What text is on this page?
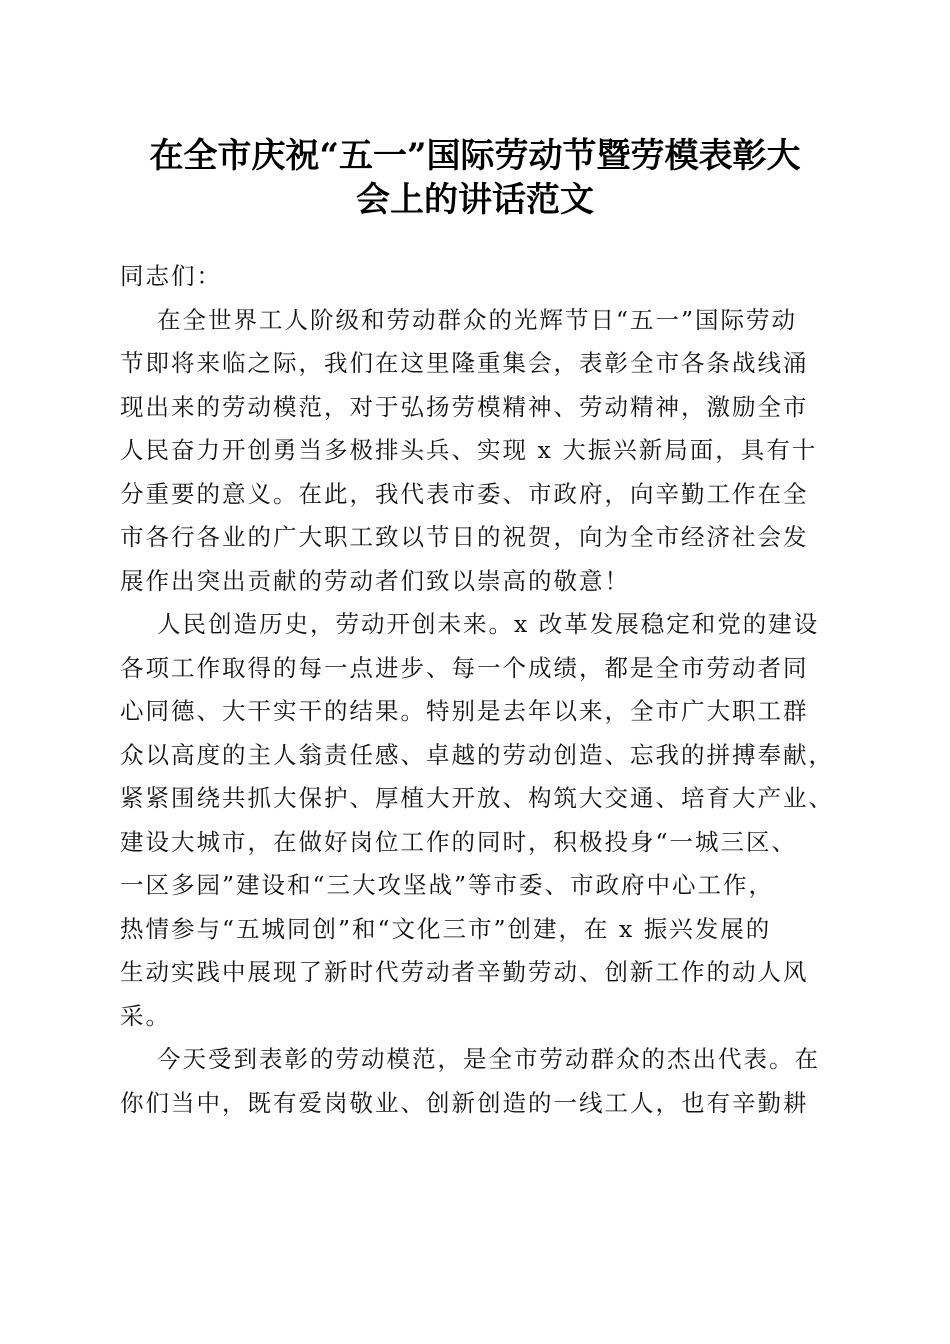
在全市庆祝“五一”国际劳动节暨劳模表彰大
会上的讲话范文
同志们：
在全世界工人阶级和劳动群众的光辉节日“五一”国际劳动
节即将来临之际，我们在这里隆重集会，表彰全市各条战线涌
现出来的劳动模范，对于弘扬劳模精神、劳动精神，激励全市
人民奋力开创勇当多极排头兵、实现 x 大振兴新局面，具有十
分重要的意义。在此，我代表市委、市政府，向辛勤工作在全
市各行各业的广大职工致以节日的祝贺，向为全市经济社会发
展作出突出贡献的劳动者们致以崇高的敬意！
人民创造历史，劳动开创未来。x 改革发展稳定和党的建设
各项工作取得的每一点进步、每一个成绩，都是全市劳动者同
心同德、大干实干的结果。特别是去年以来，全市广大职工群
众以高度的主人翁责任感、卓越的劳动创造、忘我的拼搏奉献，
紧紧围绕共抓大保护、厚植大开放、构筑大交通、培育大产业、
建设大城市，在做好岗位工作的同时，积极投身“一城三区、
一区多园”建设和“三大攻坚战”等市委、市政府中心工作，
热情参与“五城同创”和“文化三市”创建，在 x 振兴发展的
生动实践中展现了新时代劳动者辛勤劳动、创新工作的动人风
采。
今天受到表彰的劳动模范，是全市劳动群众的杰出代表。在
你们当中，既有爱岗敬业、创新创造的一线工人，也有辛勤耕
